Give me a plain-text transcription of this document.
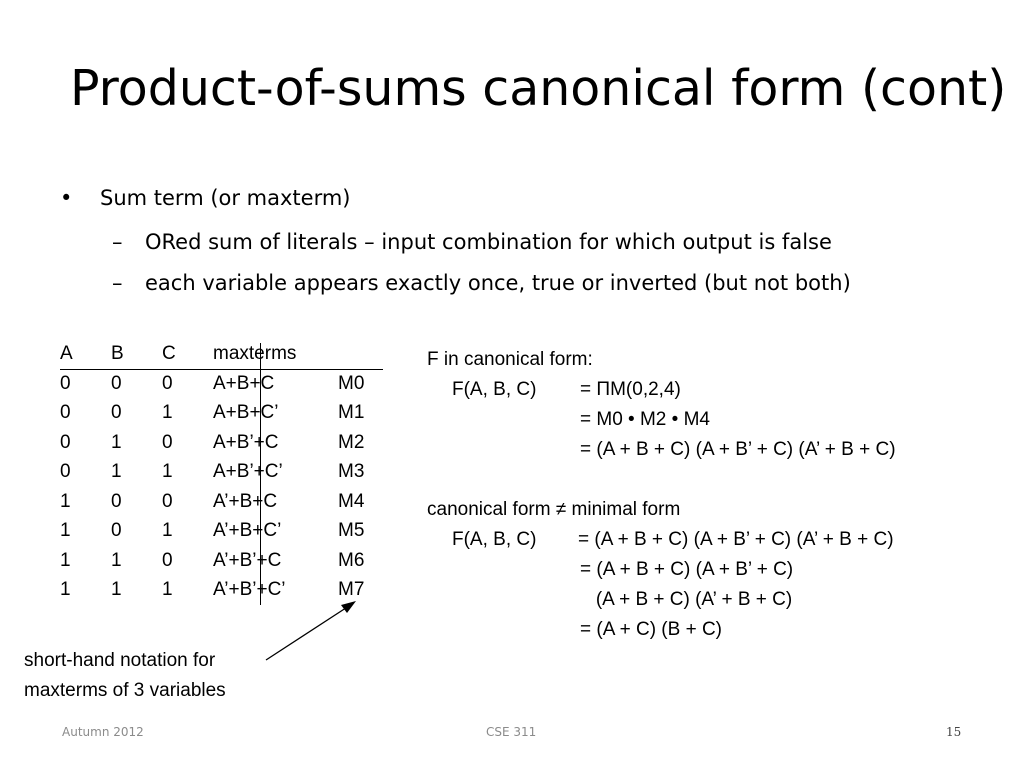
Product-of-sums canonical form (cont)
• Sum term (or maxterm)
– ORed sum of literals – input combination for which output is false
– each variable appears exactly once, true or inverted (but not both)
A B C maxterms
0 0 0 A+B+C	M0
0 0 1 A+B+C’	M1
0 1 0 A+B’+C	M2
0 1 1 A+B’+C’	M3
1 0 0 A’+B+C	M4
1 0 1 A’+B+C’	M5
1 1 0 A’+B’+C	M6
1 1 1 A’+B’+C’	M7
F in canonical form:
F(A, B, C) = ΠM(0,2,4)
= M0 • M2 • M4
= (A + B + C) (A + B’ + C) (A’ + B + C)
canonical form ≠ minimal form
F(A, B, C) = (A + B + C) (A + B’ + C) (A’ + B + C)
= (A + B + C) (A + B’ + C)
(A + B + C) (A’ + B + C)
= (A + C) (B + C)
short-hand notation for
maxterms of 3 variables
Autumn 2012	CSE 311	15
